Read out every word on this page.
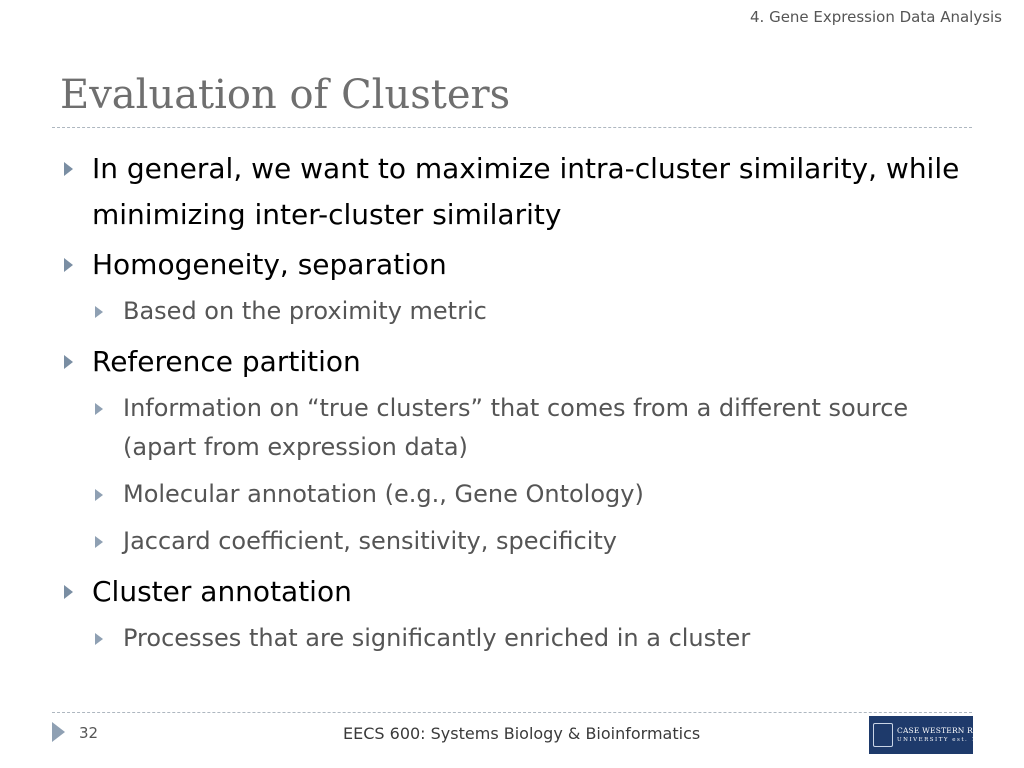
4. Gene Expression Data Analysis
Evaluation of Clusters
In general, we want to maximize intra-cluster similarity, while minimizing inter-cluster similarity
Homogeneity, separation
Based on the proximity metric
Reference partition
Information on “true clusters” that comes from a different source (apart from expression data)
Molecular annotation (e.g., Gene Ontology)
Jaccard coefficient, sensitivity, specificity
Cluster annotation
Processes that are significantly enriched in a cluster
32	EECS 600: Systems Biology & Bioinformatics	CASE WESTERN RESERVE
UNIVERSITY est. 1826
